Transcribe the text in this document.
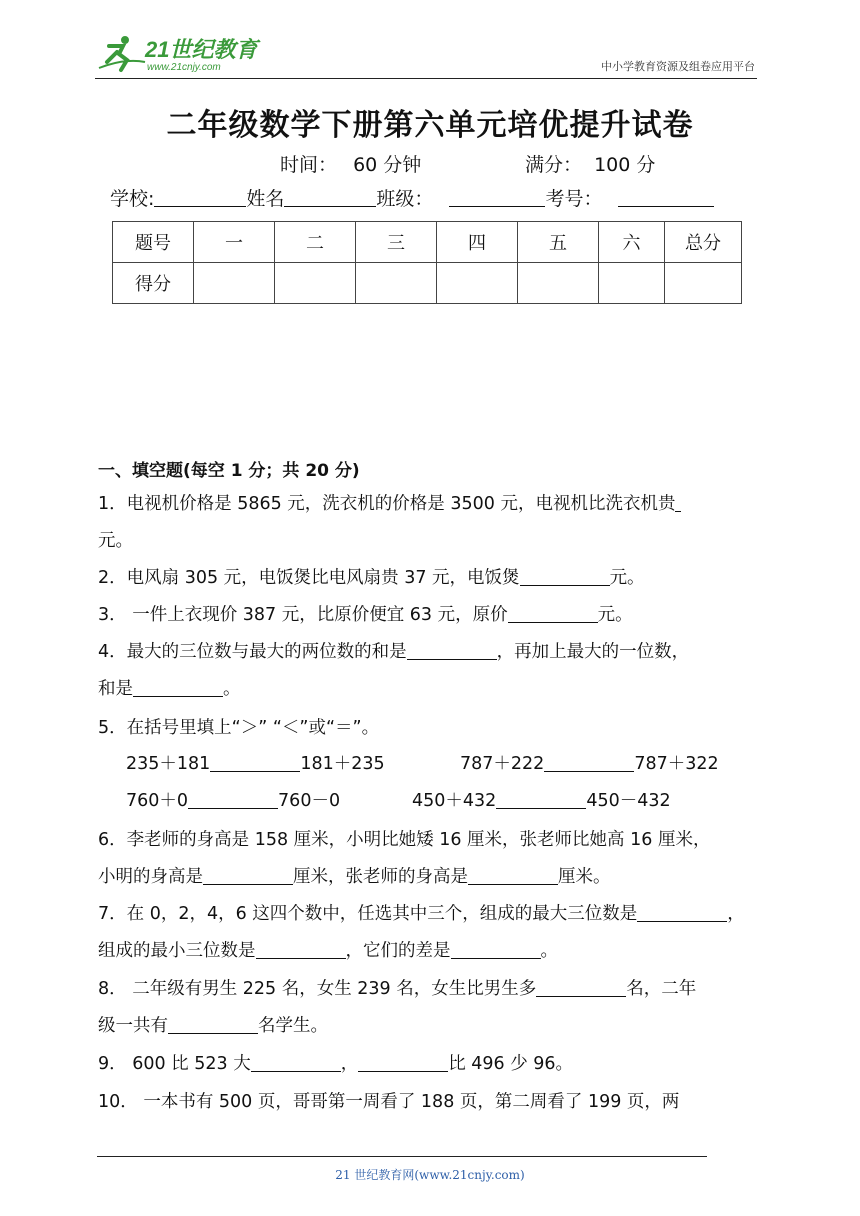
21世纪教育
www.21cnjy.com	中小学教育资源及组卷应用平台
二年级数学下册第六单元培优提升试卷
时间： 60 分钟	满分： 100 分
学校:	姓名	班级：	考号：
题号	一	二	三	四	五	六	总分
得分							
一、填空题(每空 1 分；共 20 分)
1．电视机价格是 5865 元，洗衣机的价格是 3500 元，电视机比洗衣机贵
元。
2．电风扇 305 元，电饭煲比电风扇贵 37 元，电饭煲	元。
3． 一件上衣现价 387 元，比原价便宜 63 元，原价	元。
4．最大的三位数与最大的两位数的和是	，再加上最大的一位数，
和是	。
5．在括号里填上“＞” “＜”或“＝”。
235＋181	181＋235	787＋222	787＋322
760＋0	760－0	450＋432	450－432
6．李老师的身高是 158 厘米，小明比她矮 16 厘米，张老师比她高 16 厘米，
小明的身高是	厘米，张老师的身高是	厘米。
7．在 0，2，4，6 这四个数中，任选其中三个，组成的最大三位数是	，
组成的最小三位数是	，它们的差是	。
8． 二年级有男生 225 名，女生 239 名，女生比男生多	名，二年
级一共有	名学生。
9． 600 比 523 大	，	比 496 少 96。
10． 一本书有 500 页，哥哥第一周看了 188 页，第二周看了 199 页，两
21 世纪教育网(www.21cnjy.com)
